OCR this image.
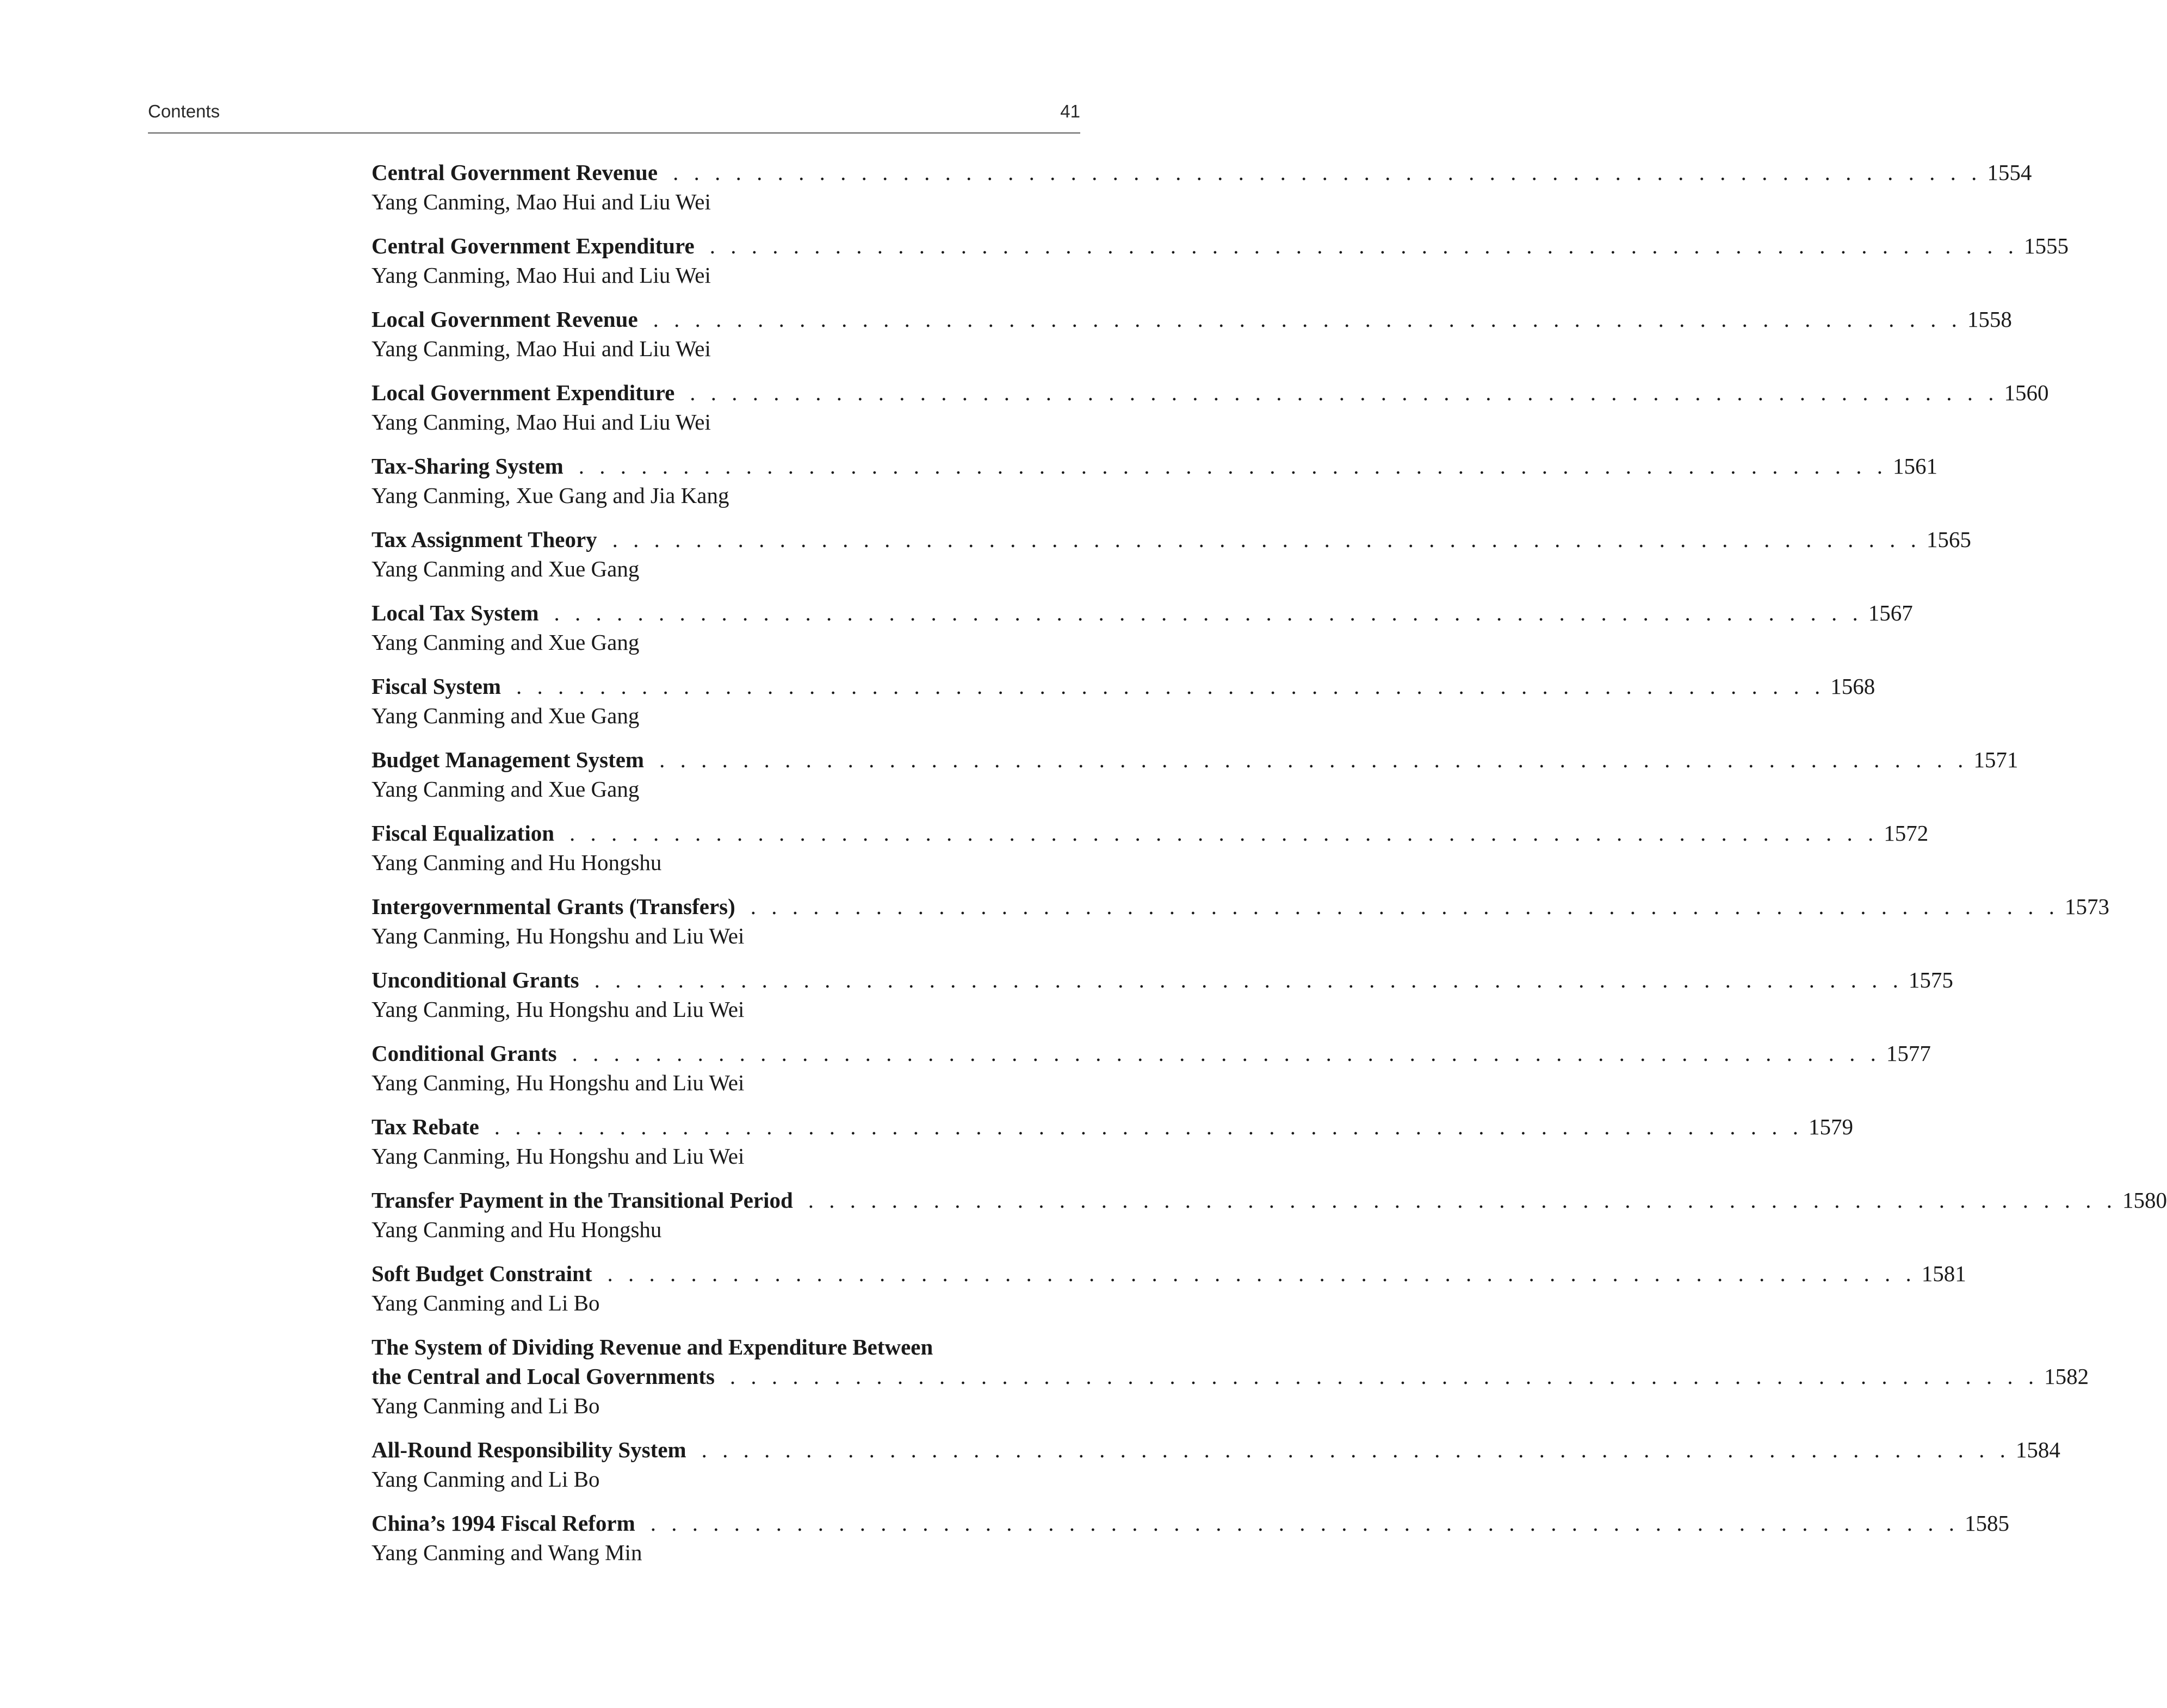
Contents	41
Central Government Revenue . . . . . . . . . . . . . . . . . . . . . . . . . . . . . . . . . . . . . . . . . . . . . . . . . . . . . . . . . . . . . . . 1554
Yang Canming, Mao Hui and Liu Wei
Central Government Expenditure . . . . . . . . . . . . . . . . . . . . . . . . . . . . . . . . . . . . . . . . . . . . . . . . . . . . . . . . . . . . . . . 1555
Yang Canming, Mao Hui and Liu Wei
Local Government Revenue . . . . . . . . . . . . . . . . . . . . . . . . . . . . . . . . . . . . . . . . . . . . . . . . . . . . . . . . . . . . . . . 1558
Yang Canming, Mao Hui and Liu Wei
Local Government Expenditure . . . . . . . . . . . . . . . . . . . . . . . . . . . . . . . . . . . . . . . . . . . . . . . . . . . . . . . . . . . . . . . 1560
Yang Canming, Mao Hui and Liu Wei
Tax-Sharing System . . . . . . . . . . . . . . . . . . . . . . . . . . . . . . . . . . . . . . . . . . . . . . . . . . . . . . . . . . . . . . . 1561
Yang Canming, Xue Gang and Jia Kang
Tax Assignment Theory . . . . . . . . . . . . . . . . . . . . . . . . . . . . . . . . . . . . . . . . . . . . . . . . . . . . . . . . . . . . . . . 1565
Yang Canming and Xue Gang
Local Tax System . . . . . . . . . . . . . . . . . . . . . . . . . . . . . . . . . . . . . . . . . . . . . . . . . . . . . . . . . . . . . . . 1567
Yang Canming and Xue Gang
Fiscal System . . . . . . . . . . . . . . . . . . . . . . . . . . . . . . . . . . . . . . . . . . . . . . . . . . . . . . . . . . . . . . . 1568
Yang Canming and Xue Gang
Budget Management System . . . . . . . . . . . . . . . . . . . . . . . . . . . . . . . . . . . . . . . . . . . . . . . . . . . . . . . . . . . . . . . 1571
Yang Canming and Xue Gang
Fiscal Equalization . . . . . . . . . . . . . . . . . . . . . . . . . . . . . . . . . . . . . . . . . . . . . . . . . . . . . . . . . . . . . . . 1572
Yang Canming and Hu Hongshu
Intergovernmental Grants (Transfers) . . . . . . . . . . . . . . . . . . . . . . . . . . . . . . . . . . . . . . . . . . . . . . . . . . . . . . . . . . . . . . . 1573
Yang Canming, Hu Hongshu and Liu Wei
Unconditional Grants . . . . . . . . . . . . . . . . . . . . . . . . . . . . . . . . . . . . . . . . . . . . . . . . . . . . . . . . . . . . . . . 1575
Yang Canming, Hu Hongshu and Liu Wei
Conditional Grants . . . . . . . . . . . . . . . . . . . . . . . . . . . . . . . . . . . . . . . . . . . . . . . . . . . . . . . . . . . . . . . 1577
Yang Canming, Hu Hongshu and Liu Wei
Tax Rebate . . . . . . . . . . . . . . . . . . . . . . . . . . . . . . . . . . . . . . . . . . . . . . . . . . . . . . . . . . . . . . . 1579
Yang Canming, Hu Hongshu and Liu Wei
Transfer Payment in the Transitional Period . . . . . . . . . . . . . . . . . . . . . . . . . . . . . . . . . . . . . . . . . . . . . . . . . . . . . . . . . . . . . . . 1580
Yang Canming and Hu Hongshu
Soft Budget Constraint . . . . . . . . . . . . . . . . . . . . . . . . . . . . . . . . . . . . . . . . . . . . . . . . . . . . . . . . . . . . . . . 1581
Yang Canming and Li Bo
The System of Dividing Revenue and Expenditure Between
the Central and Local Governments . . . . . . . . . . . . . . . . . . . . . . . . . . . . . . . . . . . . . . . . . . . . . . . . . . . . . . . . . . . . . . . 1582
Yang Canming and Li Bo
All-Round Responsibility System . . . . . . . . . . . . . . . . . . . . . . . . . . . . . . . . . . . . . . . . . . . . . . . . . . . . . . . . . . . . . . . 1584
Yang Canming and Li Bo
China’s 1994 Fiscal Reform . . . . . . . . . . . . . . . . . . . . . . . . . . . . . . . . . . . . . . . . . . . . . . . . . . . . . . . . . . . . . . . 1585
Yang Canming and Wang Min
